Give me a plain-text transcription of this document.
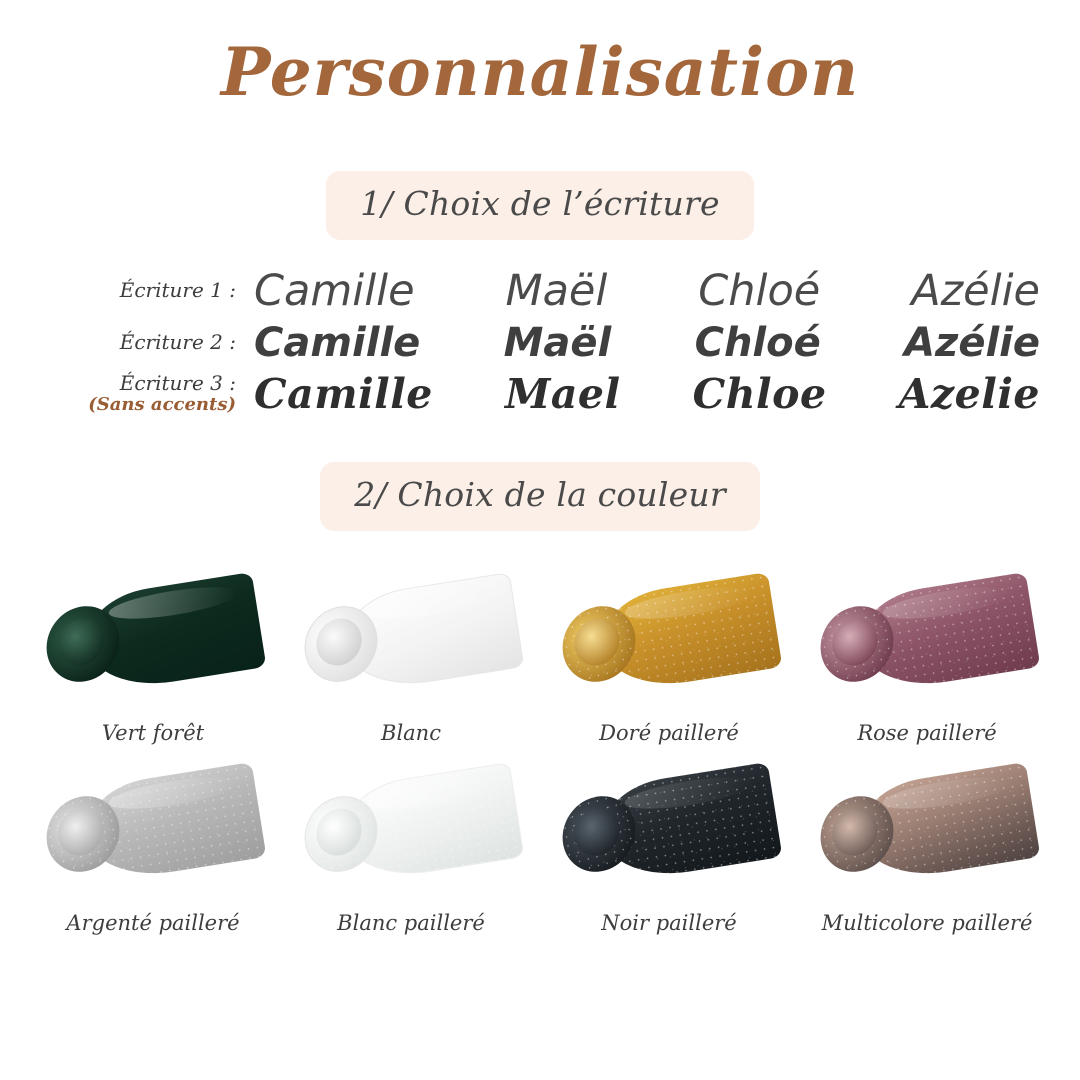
Personnalisation
1/ Choix de l’écriture
Écriture 1 : Camille Maël Chloé Azélie
Écriture 2 : Camille Maël Chloé Azélie
Écriture 3 :
(Sans accents) Camille Mael Chloe Azelie
2/ Choix de la couleur
Vert forêt	Blanc	Doré pailleré	Rose pailleré
Argenté pailleré	Blanc pailleré	Noir pailleré	Multicolore pailleré
